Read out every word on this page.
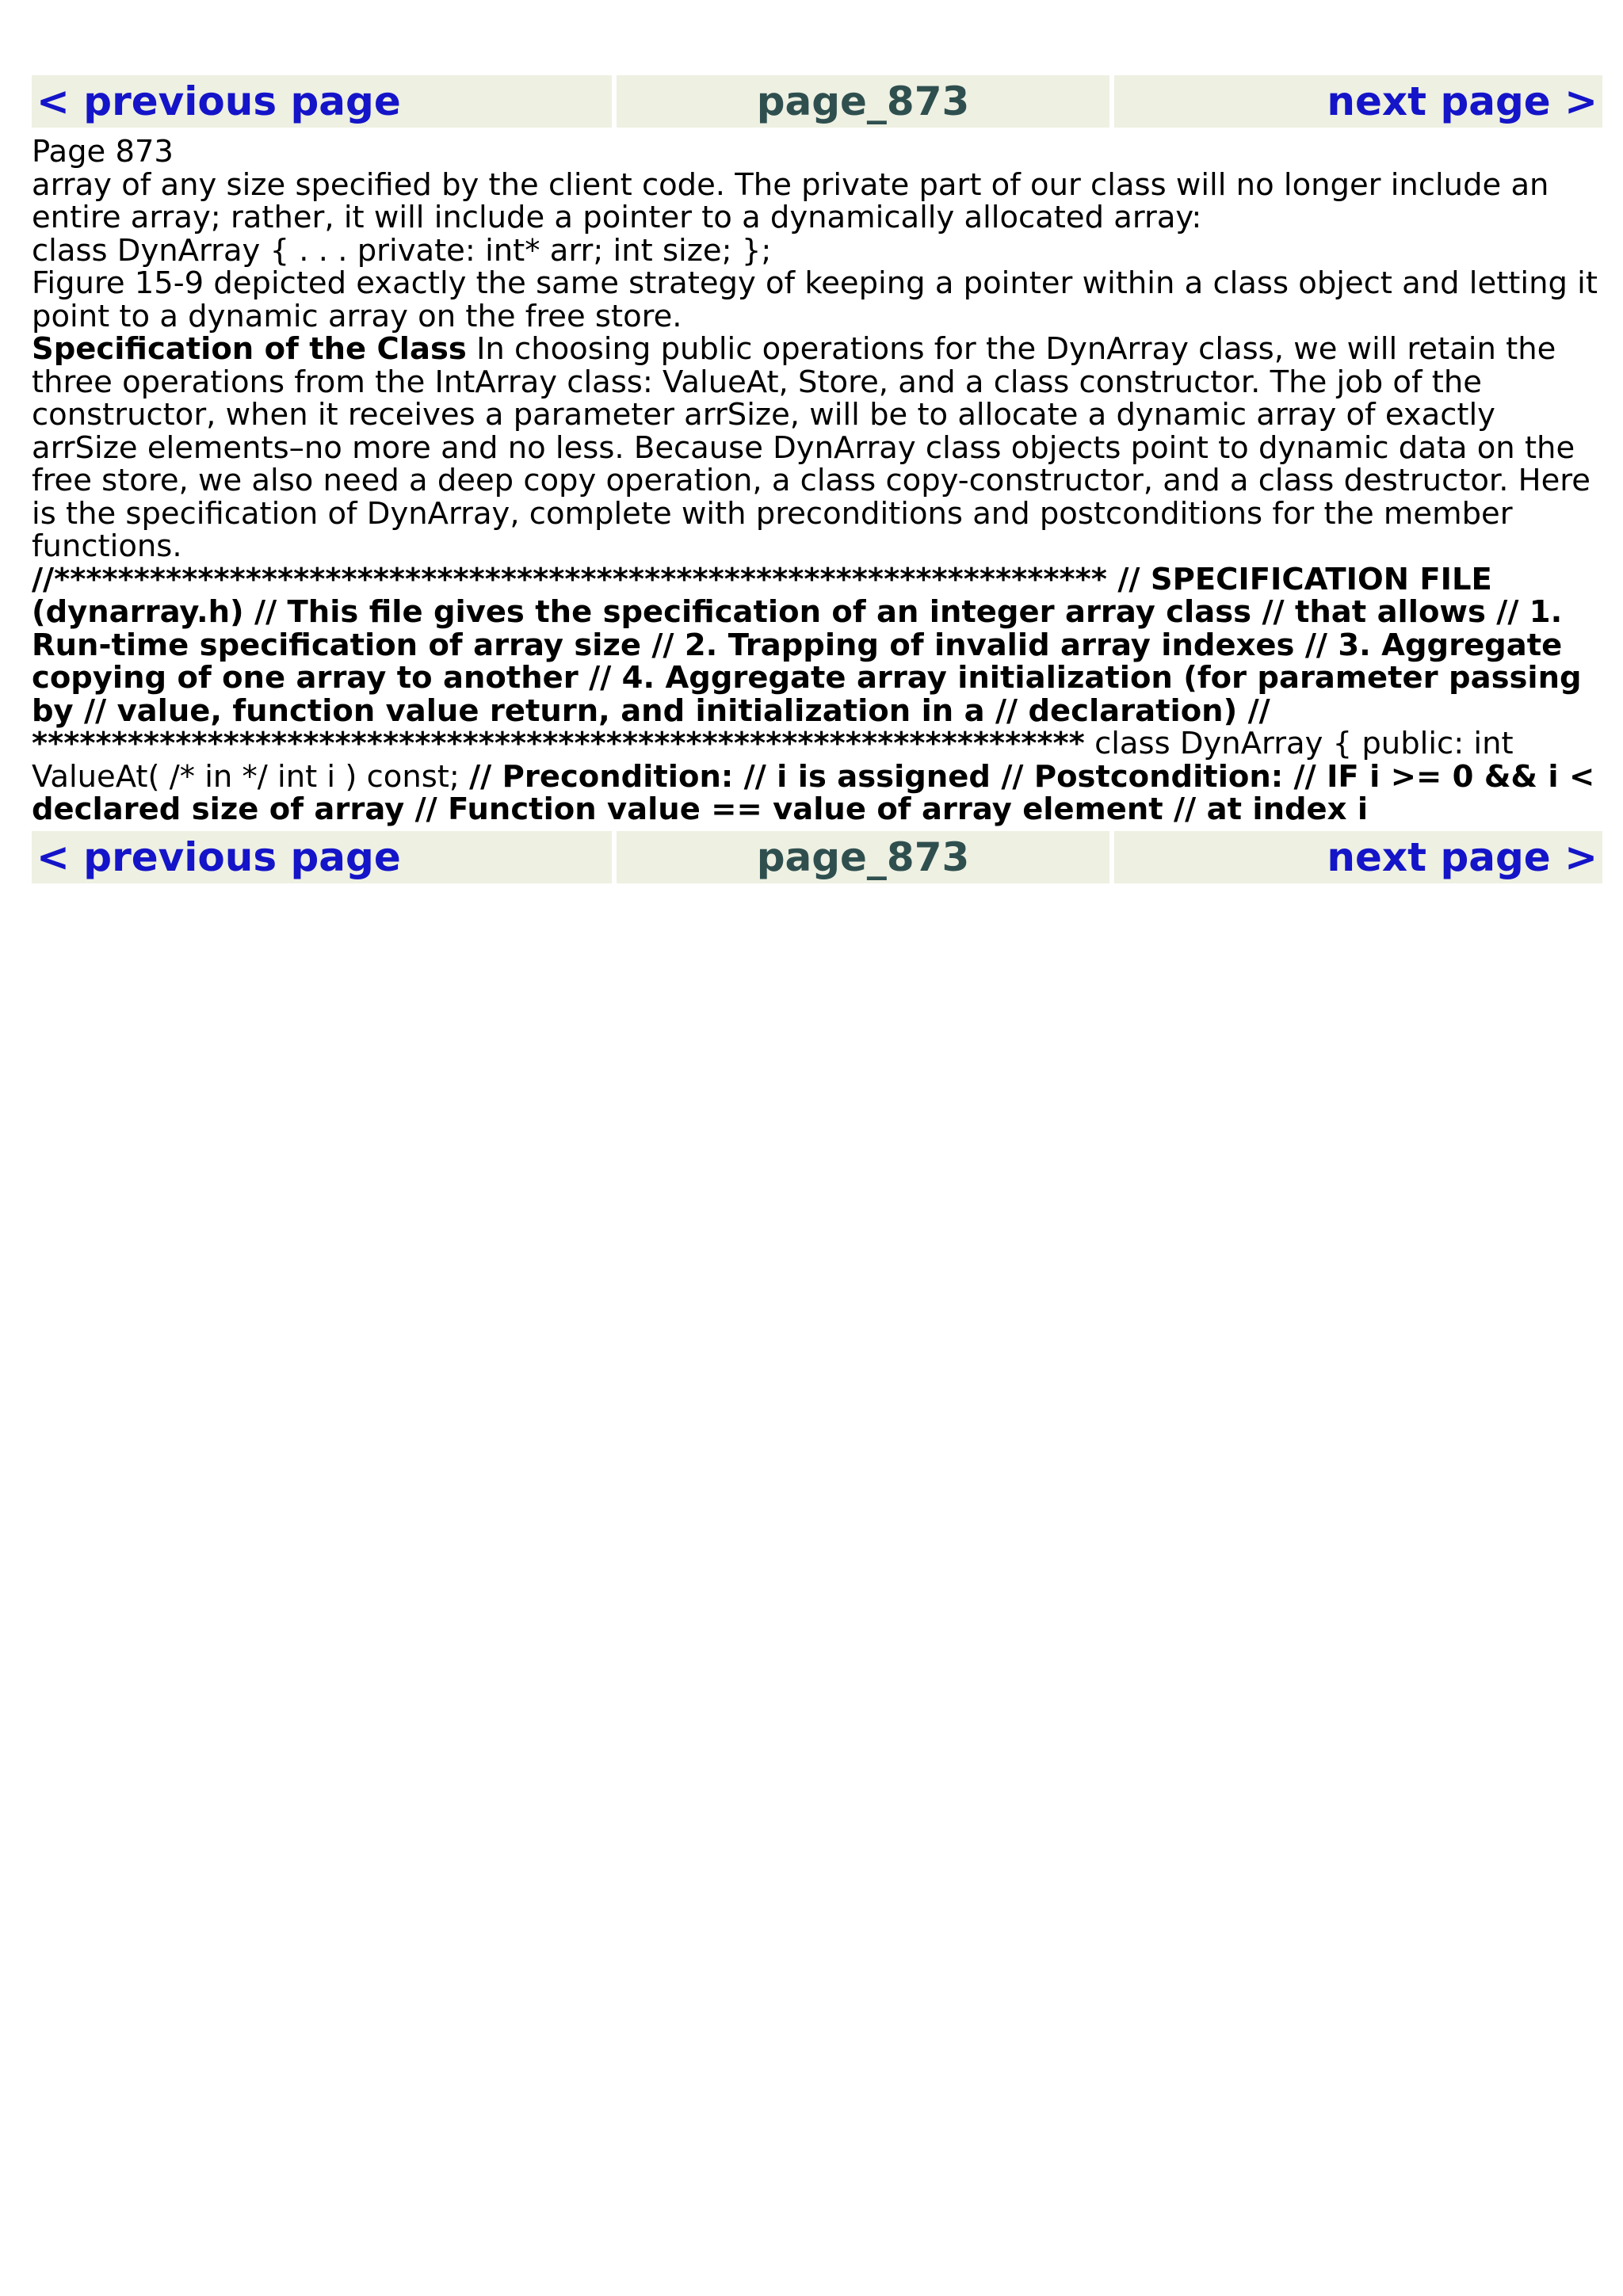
< previous page	page_873	next page >

Page 873

array of any size specified by the client code. The private part of our class will no longer include an entire array; rather, it will include a pointer to a dynamically allocated array:

class DynArray { . . . private: int* arr; int size; };

Figure 15-9 depicted exactly the same strategy of keeping a pointer within a class object and letting it point to a dynamic array on the free store.

Specification of the Class In choosing public operations for the DynArray class, we will retain the three operations from the IntArray class: ValueAt, Store, and a class constructor. The job of the constructor, when it receives a parameter arrSize, will be to allocate a dynamic array of exactly arrSize elements–no more and no less. Because DynArray class objects point to dynamic data on the free store, we also need a deep copy operation, a class copy-constructor, and a class destructor. Here is the specification of DynArray, complete with preconditions and postconditions for the member functions.

//****************************************************************** // SPECIFICATION FILE (dynarray.h) // This file gives the specification of an integer array class // that allows // 1. Run-time specification of array size // 2. Trapping of invalid array indexes // 3. Aggregate copying of one array to another // 4. Aggregate array initialization (for parameter passing by // value, function value return, and initialization in a // declaration) // ****************************************************************** class DynArray { public: int ValueAt( /* in */ int i ) const; // Precondition: // i is assigned // Postcondition: // IF i >= 0 && i < declared size of array // Function value == value of array element // at index i

< previous page	page_873	next page >
